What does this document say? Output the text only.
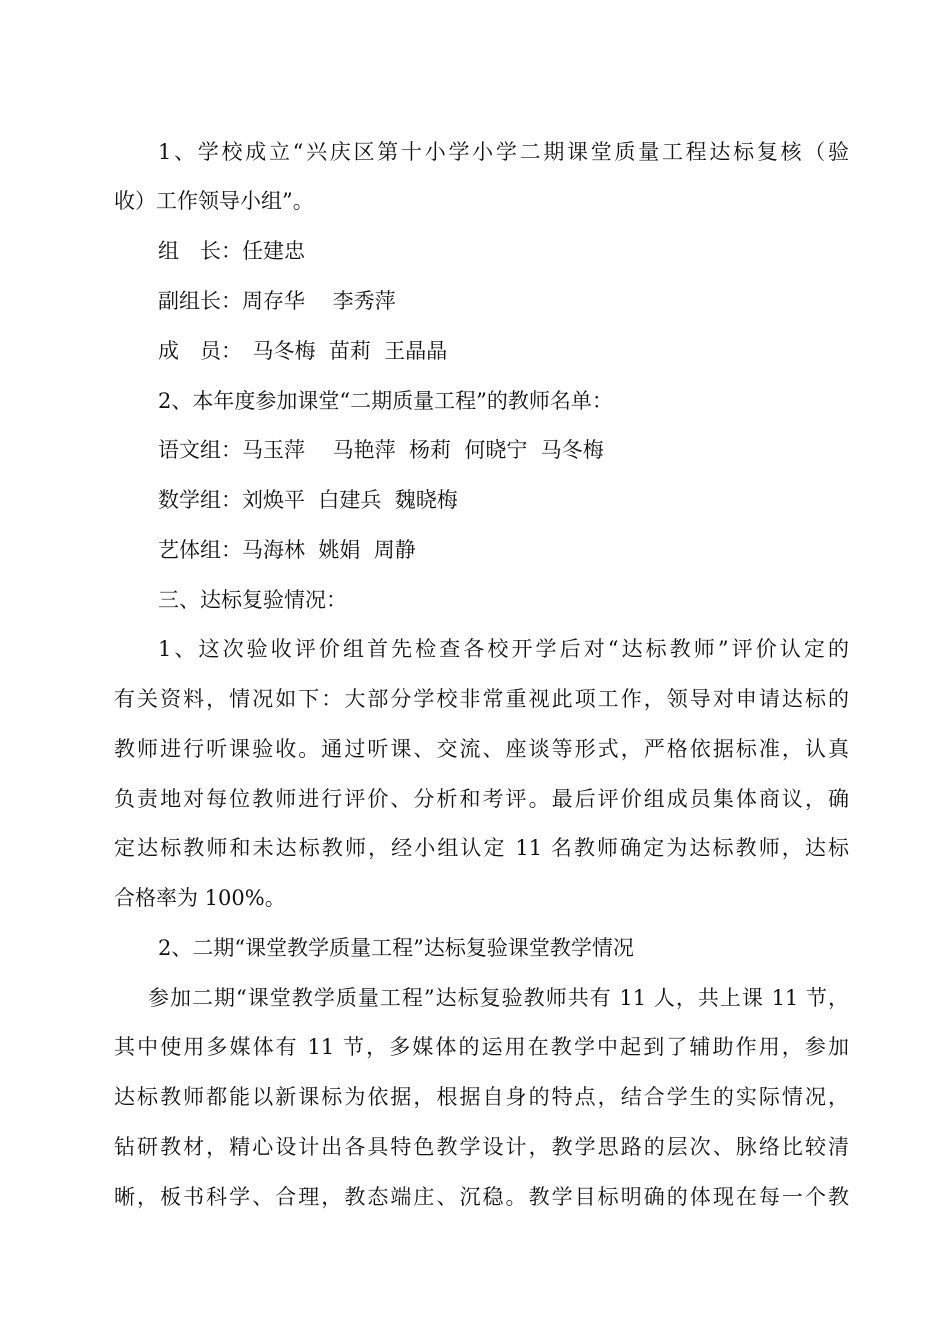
1、学校成立“兴庆区第十小学小学二期课堂质量工程达标复核（验
收）工作领导小组”。
组　长：任建忠
副组长：周存华　 李秀萍
成　员：　马冬梅  苗莉  王晶晶
2、本年度参加课堂“二期质量工程”的教师名单：
语文组：马玉萍　 马艳萍  杨莉  何晓宁  马冬梅
数学组：刘焕平  白建兵  魏晓梅
艺体组：马海林  姚娟  周静
三、达标复验情况：
1、这次验收评价组首先检查各校开学后对“达标教师”评价认定的
有关资料，情况如下：大部分学校非常重视此项工作，领导对申请达标的
教师进行听课验收。通过听课、交流、座谈等形式，严格依据标准，认真
负责地对每位教师进行评价、分析和考评。最后评价组成员集体商议，确
定达标教师和未达标教师，经小组认定 11 名教师确定为达标教师，达标
合格率为 100%。
2、二期“课堂教学质量工程”达标复验课堂教学情况
参加二期“课堂教学质量工程”达标复验教师共有 11 人，共上课 11 节，
其中使用多媒体有 11 节，多媒体的运用在教学中起到了辅助作用，参加
达标教师都能以新课标为依据，根据自身的特点，结合学生的实际情况，
钻研教材，精心设计出各具特色教学设计，教学思路的层次、脉络比较清
晰，板书科学、合理，教态端庄、沉稳。教学目标明确的体现在每一个教
